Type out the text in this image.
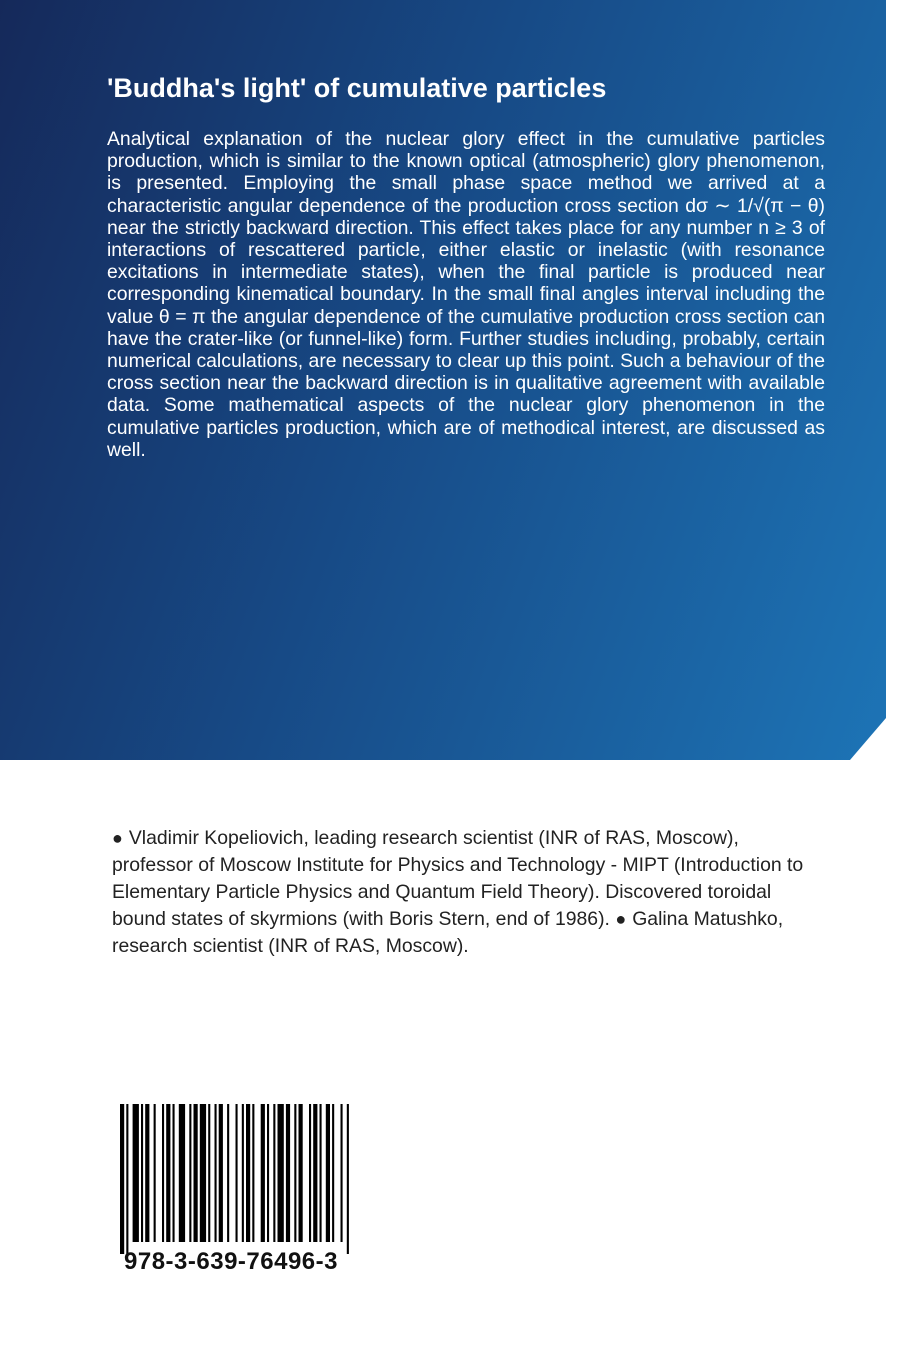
'Buddha's light' of cumulative particles

Analytical explanation of the nuclear glory effect in the cumulative particles production, which is similar to the known optical (atmospheric) glory phenomenon, is presented. Employing the small phase space method we arrived at a characteristic angular dependence of the production cross section dσ ∼ 1/√(π − θ) near the strictly backward direction. This effect takes place for any number n ≥ 3 of interactions of rescattered particle, either elastic or inelastic (with resonance excitations in intermediate states), when the final particle is produced near corresponding kinematical boundary. In the small final angles interval including the value θ = π the angular dependence of the cumulative production cross section can have the crater-like (or funnel-like) form. Further studies including, probably, certain numerical calculations, are necessary to clear up this point. Such a behaviour of the cross section near the backward direction is in qualitative agreement with available data. Some mathematical aspects of the nuclear glory phenomenon in the cumulative particles production, which are of methodical interest, are discussed as well.

● Vladimir Kopeliovich, leading research scientist (INR of RAS, Moscow), professor of Moscow Institute for Physics and Technology - MIPT (Introduction to Elementary Particle Physics and Quantum Field Theory). Discovered toroidal bound states of skyrmions (with Boris Stern, end of 1986). ● Galina Matushko, research scientist (INR of RAS, Moscow).

978-3-639-76496-3
